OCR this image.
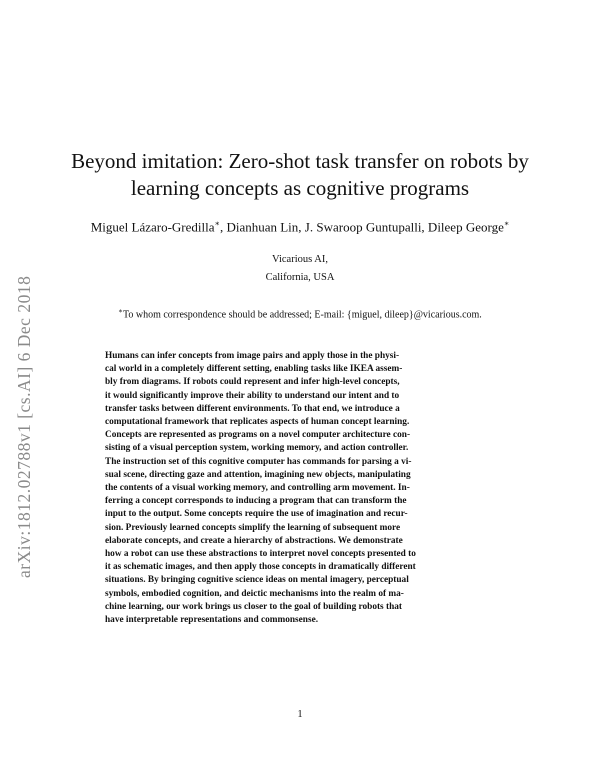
arXiv:1812.02788v1 [cs.AI] 6 Dec 2018
Beyond imitation: Zero-shot task transfer on robots by
learning concepts as cognitive programs
Miguel Lázaro-Gredilla∗, Dianhuan Lin, J. Swaroop Guntupalli, Dileep George∗
Vicarious AI,
California, USA
∗To whom correspondence should be addressed; E-mail: {miguel, dileep}@vicarious.com.

Humans can infer concepts from image pairs and apply those in the physi-
cal world in a completely different setting, enabling tasks like IKEA assem-
bly from diagrams. If robots could represent and infer high-level concepts,
it would significantly improve their ability to understand our intent and to
transfer tasks between different environments. To that end, we introduce a
computational framework that replicates aspects of human concept learning.
Concepts are represented as programs on a novel computer architecture con-
sisting of a visual perception system, working memory, and action controller.
The instruction set of this cognitive computer has commands for parsing a vi-
sual scene, directing gaze and attention, imagining new objects, manipulating
the contents of a visual working memory, and controlling arm movement. In-
ferring a concept corresponds to inducing a program that can transform the
input to the output. Some concepts require the use of imagination and recur-
sion. Previously learned concepts simplify the learning of subsequent more
elaborate concepts, and create a hierarchy of abstractions. We demonstrate
how a robot can use these abstractions to interpret novel concepts presented to
it as schematic images, and then apply those concepts in dramatically different
situations. By bringing cognitive science ideas on mental imagery, perceptual
symbols, embodied cognition, and deictic mechanisms into the realm of ma-
chine learning, our work brings us closer to the goal of building robots that
have interpretable representations and commonsense.

1
